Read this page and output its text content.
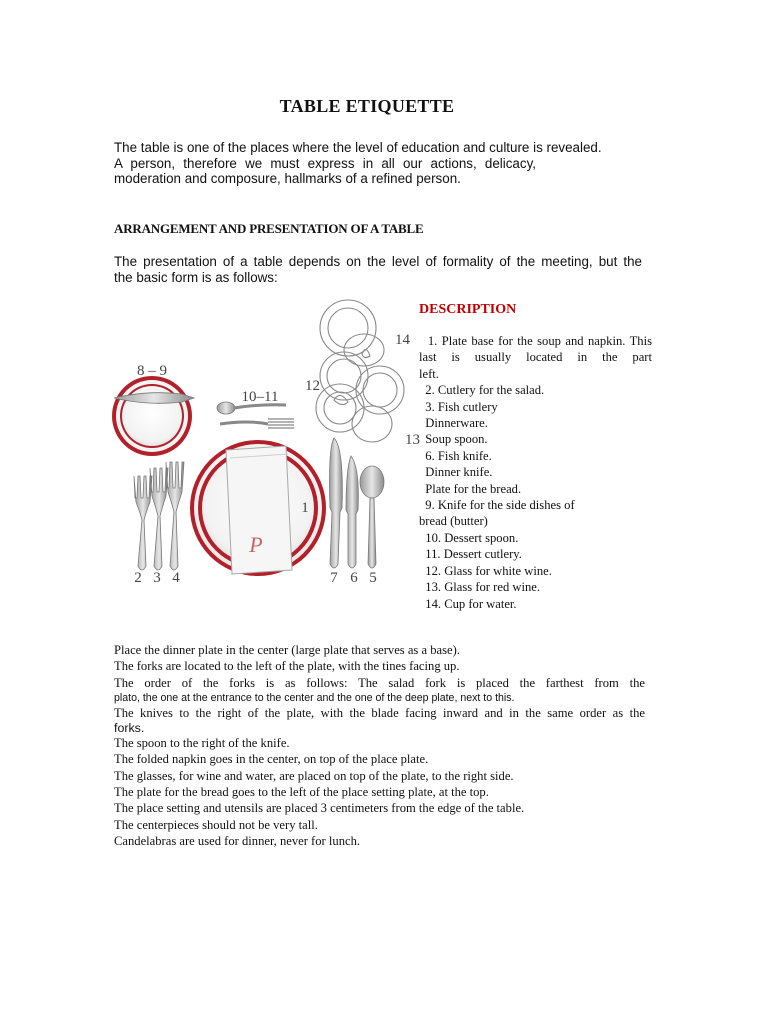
TABLE ETIQUETTE
The table is one of the places where the level of education and culture is revealed.
A person, therefore we must express in all our actions, delicacy,
moderation and composure, hallmarks of a refined person.
ARRANGEMENT AND PRESENTATION OF A TABLE
The presentation of a table depends on the level of formality of the meeting, but the
the basic form is as follows:
8 – 9
10–11
14
12
13
P
1
2 3 4	7 6 5
DESCRIPTION
1. Plate base for the soup and napkin. This
last is usually located in the part
left.
2. Cutlery for the salad.
3. Fish cutlery
Dinnerware.
Soup spoon.
6. Fish knife.
Dinner knife.
Plate for the bread.
9. Knife for the side dishes of
bread (butter)
10. Dessert spoon.
11. Dessert cutlery.
12. Glass for white wine.
13. Glass for red wine.
14. Cup for water.
Place the dinner plate in the center (large plate that serves as a base).
The forks are located to the left of the plate, with the tines facing up.
The order of the forks is as follows: The salad fork is placed the farthest from the
plato, the one at the entrance to the center and the one of the deep plate, next to this.
The knives to the right of the plate, with the blade facing inward and in the same order as the
forks.
The spoon to the right of the knife.
The folded napkin goes in the center, on top of the place plate.
The glasses, for wine and water, are placed on top of the plate, to the right side.
The plate for the bread goes to the left of the place setting plate, at the top.
The place setting and utensils are placed 3 centimeters from the edge of the table.
The centerpieces should not be very tall.
Candelabras are used for dinner, never for lunch.
